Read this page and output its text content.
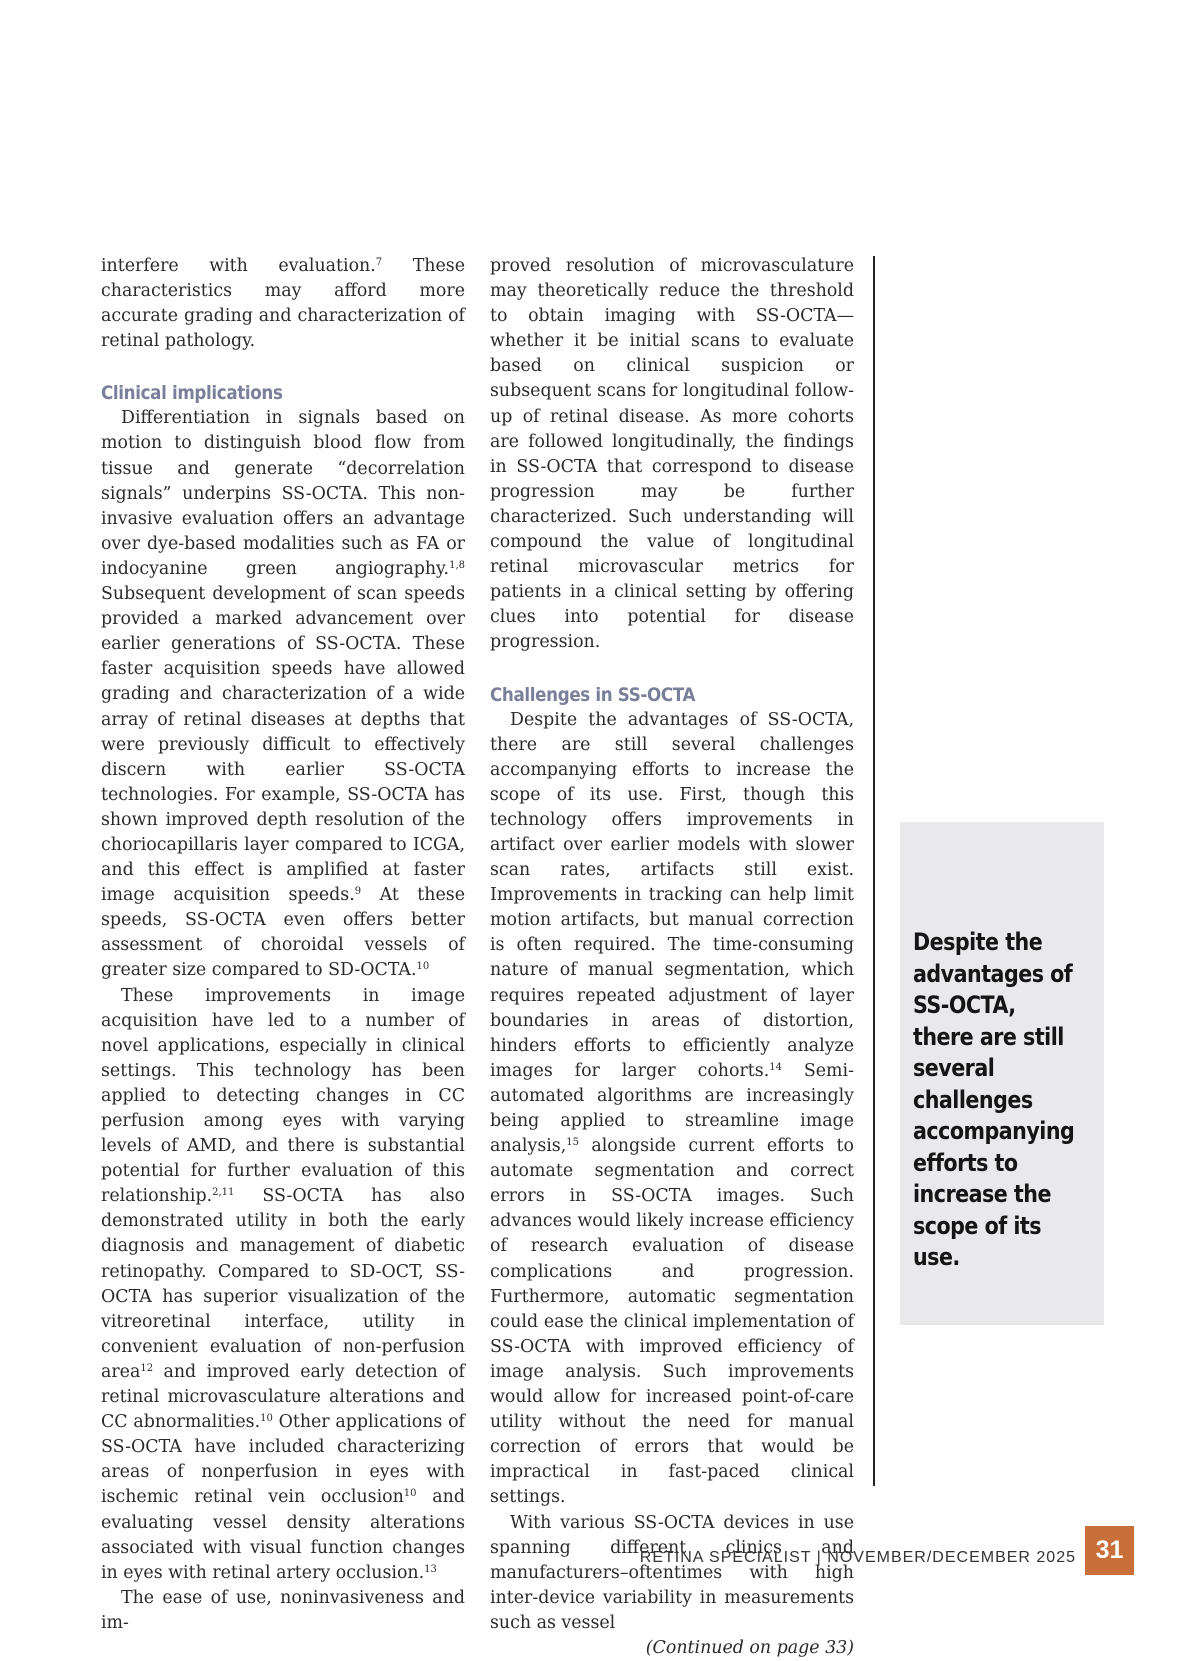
interfere with evaluation.$^7$ These characteristics may afford more accurate grading and characterization of retinal pathology.

Clinical implications

Differentiation in signals based on motion to distinguish blood flow from tissue and generate “decorrelation signals” underpins SS-OCTA. This non-invasive evaluation offers an advantage over dye-based modalities such as FA or indocyanine green angiography.$^{1,8}$ Subsequent development of scan speeds provided a marked advancement over earlier generations of SS-OCTA. These faster acquisition speeds have allowed grading and characterization of a wide array of retinal diseases at depths that were previously difficult to effectively discern with earlier SS-OCTA technologies. For example, SS-OCTA has shown improved depth resolution of the choriocapillaris layer compared to ICGA, and this effect is amplified at faster image acquisition speeds.$^9$ At these speeds, SS-OCTA even offers better assessment of choroidal vessels of greater size compared to SD-OCTA.$^{10}$

These improvements in image acquisition have led to a number of novel applications, especially in clinical settings. This technology has been applied to detecting changes in CC perfusion among eyes with varying levels of AMD, and there is substantial potential for further evaluation of this relationship.$^{2,11}$ SS-OCTA has also demonstrated utility in both the early diagnosis and management of diabetic retinopathy. Compared to SD-OCT, SS-OCTA has superior visualization of the vitreoretinal interface, utility in convenient evaluation of non-perfusion area$^{12}$ and improved early detection of retinal microvasculature alterations and CC abnormalities.$^{10}$ Other applications of SS-OCTA have included characterizing areas of nonperfusion in eyes with ischemic retinal vein occlusion$^{10}$ and evaluating vessel density alterations associated with visual function changes in eyes with retinal artery occlusion.$^{13}$

The ease of use, noninvasiveness and im-

proved resolution of microvasculature may theoretically reduce the threshold to obtain imaging with SS-OCTA—whether it be initial scans to evaluate based on clinical suspicion or subsequent scans for longitudinal follow-up of retinal disease. As more cohorts are followed longitudinally, the findings in SS-OCTA that correspond to disease progression may be further characterized. Such understanding will compound the value of longitudinal retinal microvascular metrics for patients in a clinical setting by offering clues into potential for disease progression.

Challenges in SS-OCTA

Despite the advantages of SS-OCTA, there are still several challenges accompanying efforts to increase the scope of its use. First, though this technology offers improvements in artifact over earlier models with slower scan rates, artifacts still exist. Improvements in tracking can help limit motion artifacts, but manual correction is often required. The time-consuming nature of manual segmentation, which requires repeated adjustment of layer boundaries in areas of distortion, hinders efforts to efficiently analyze images for larger cohorts.$^{14}$ Semi-automated algorithms are increasingly being applied to streamline image analysis,$^{15}$ alongside current efforts to automate segmentation and correct errors in SS-OCTA images. Such advances would likely increase efficiency of research evaluation of disease complications and progression. Furthermore, automatic segmentation could ease the clinical implementation of SS-OCTA with improved efficiency of image analysis. Such improvements would allow for increased point-of-care utility without the need for manual correction of errors that would be impractical in fast-paced clinical settings.

With various SS-OCTA devices in use spanning different clinics and manufacturers–oftentimes with high inter-device variability in measurements such as vessel

(Continued on page 33)

Despite the advantages of SS-OCTA, there are still several challenges accompanying efforts to increase the scope of its use.
RETINA SPECIALIST | NOVEMBER/DECEMBER 2025 31
